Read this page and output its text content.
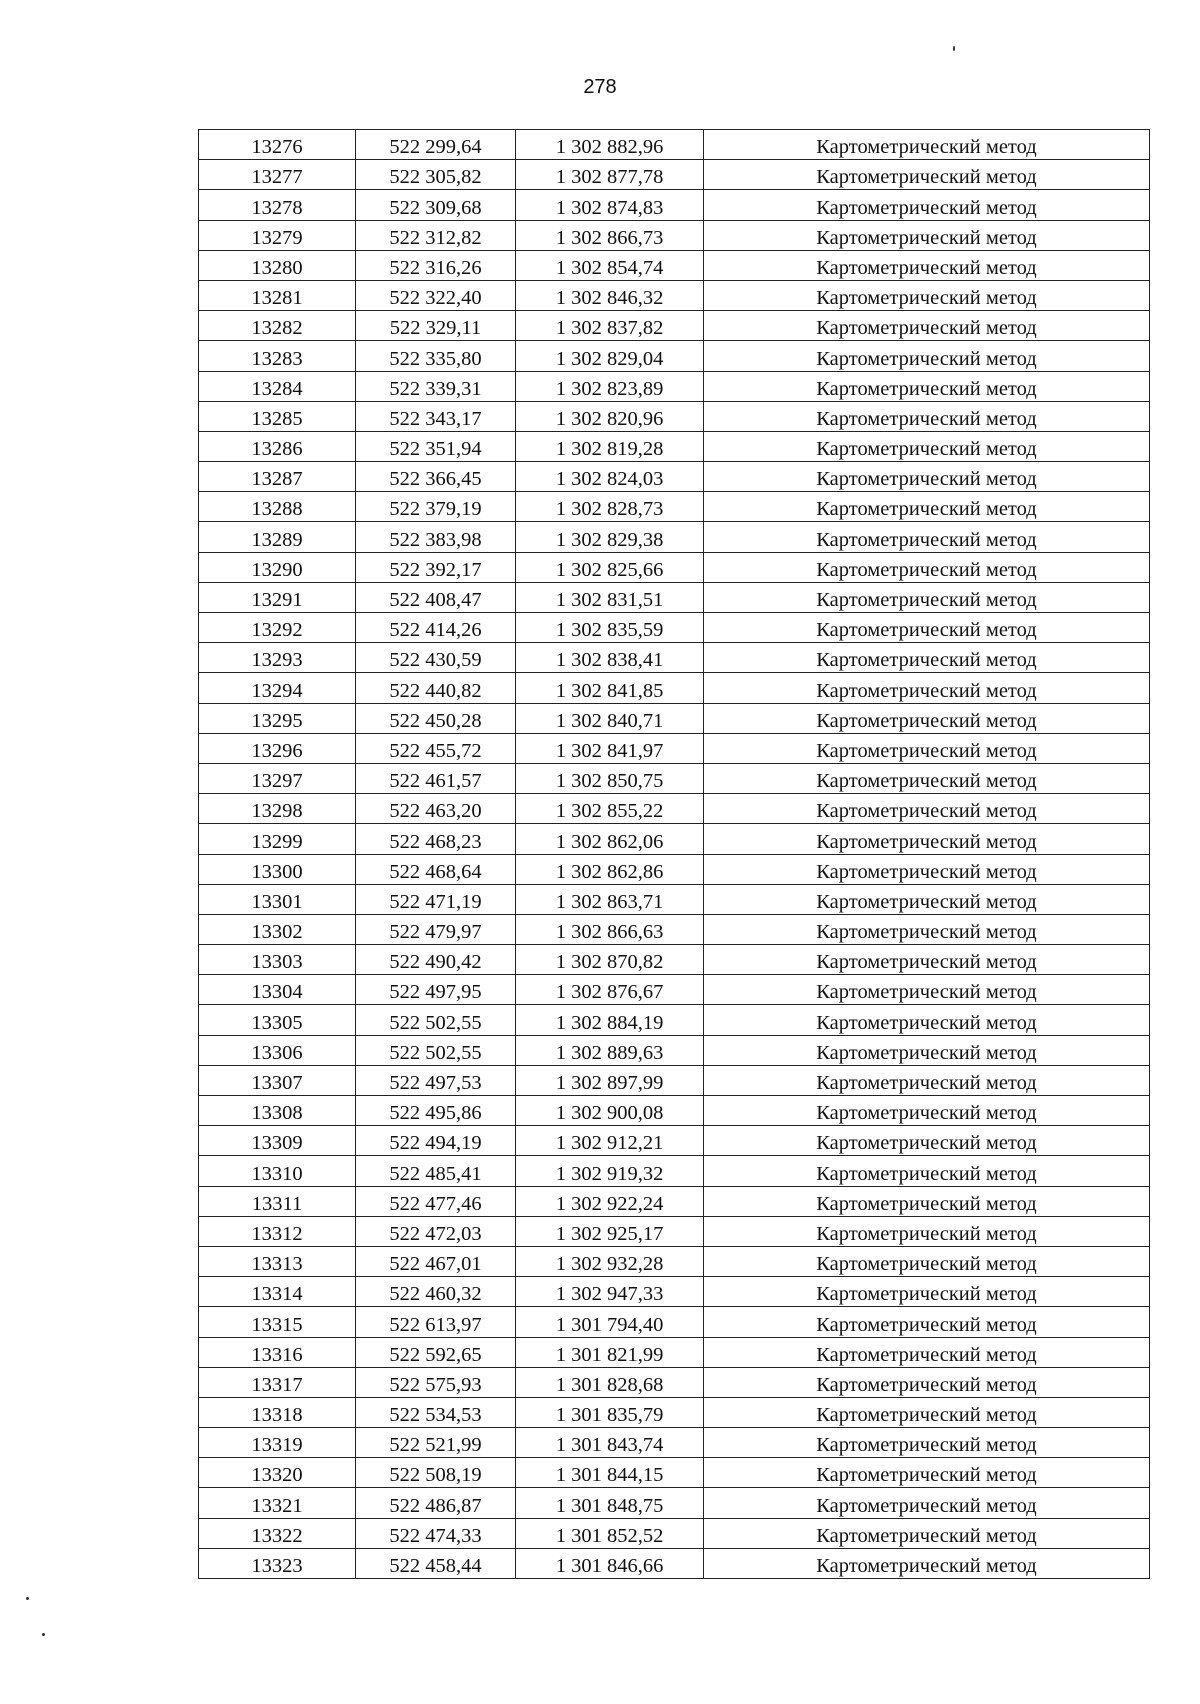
278
13276	522 299,64	1 302 882,96	Картометрический метод
13277	522 305,82	1 302 877,78	Картометрический метод
13278	522 309,68	1 302 874,83	Картометрический метод
13279	522 312,82	1 302 866,73	Картометрический метод
13280	522 316,26	1 302 854,74	Картометрический метод
13281	522 322,40	1 302 846,32	Картометрический метод
13282	522 329,11	1 302 837,82	Картометрический метод
13283	522 335,80	1 302 829,04	Картометрический метод
13284	522 339,31	1 302 823,89	Картометрический метод
13285	522 343,17	1 302 820,96	Картометрический метод
13286	522 351,94	1 302 819,28	Картометрический метод
13287	522 366,45	1 302 824,03	Картометрический метод
13288	522 379,19	1 302 828,73	Картометрический метод
13289	522 383,98	1 302 829,38	Картометрический метод
13290	522 392,17	1 302 825,66	Картометрический метод
13291	522 408,47	1 302 831,51	Картометрический метод
13292	522 414,26	1 302 835,59	Картометрический метод
13293	522 430,59	1 302 838,41	Картометрический метод
13294	522 440,82	1 302 841,85	Картометрический метод
13295	522 450,28	1 302 840,71	Картометрический метод
13296	522 455,72	1 302 841,97	Картометрический метод
13297	522 461,57	1 302 850,75	Картометрический метод
13298	522 463,20	1 302 855,22	Картометрический метод
13299	522 468,23	1 302 862,06	Картометрический метод
13300	522 468,64	1 302 862,86	Картометрический метод
13301	522 471,19	1 302 863,71	Картометрический метод
13302	522 479,97	1 302 866,63	Картометрический метод
13303	522 490,42	1 302 870,82	Картометрический метод
13304	522 497,95	1 302 876,67	Картометрический метод
13305	522 502,55	1 302 884,19	Картометрический метод
13306	522 502,55	1 302 889,63	Картометрический метод
13307	522 497,53	1 302 897,99	Картометрический метод
13308	522 495,86	1 302 900,08	Картометрический метод
13309	522 494,19	1 302 912,21	Картометрический метод
13310	522 485,41	1 302 919,32	Картометрический метод
13311	522 477,46	1 302 922,24	Картометрический метод
13312	522 472,03	1 302 925,17	Картометрический метод
13313	522 467,01	1 302 932,28	Картометрический метод
13314	522 460,32	1 302 947,33	Картометрический метод
13315	522 613,97	1 301 794,40	Картометрический метод
13316	522 592,65	1 301 821,99	Картометрический метод
13317	522 575,93	1 301 828,68	Картометрический метод
13318	522 534,53	1 301 835,79	Картометрический метод
13319	522 521,99	1 301 843,74	Картометрический метод
13320	522 508,19	1 301 844,15	Картометрический метод
13321	522 486,87	1 301 848,75	Картометрический метод
13322	522 474,33	1 301 852,52	Картометрический метод
13323	522 458,44	1 301 846,66	Картометрический метод
